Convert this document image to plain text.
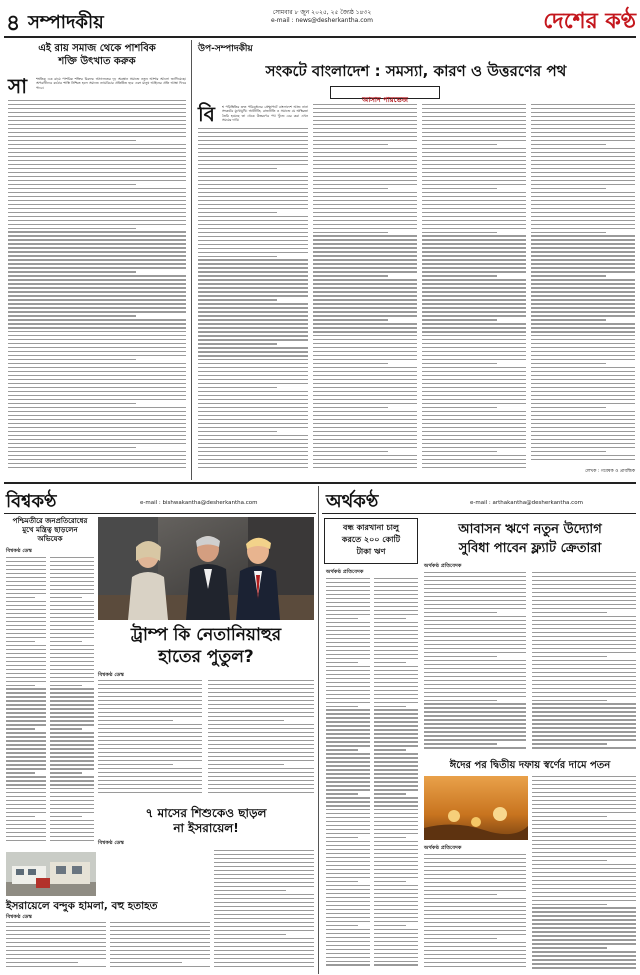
৪ সম্পাদকীয়	সোমবার ৮ জুন ২০২৫, ২৫ জ্যৈষ্ঠ ১৪৩২
e-mail : news@desherkantha.com	দেশের কণ্ঠ
এই রায় সমাজ থেকে পাশবিক
শক্তি উৎখাত করুক
সা	ম্প্রতিক এক রায়ে পাশবিক শক্তির বিরুদ্ধে আদালতের দৃঢ় অবস্থান সমাজে নতুন আশার আলো জাগিয়েছে। অপরাধীদের কঠোর শাস্তি নিশ্চিত হলে সমাজে ন্যায়বিচার প্রতিষ্ঠিত হবে এবং মানুষ আইনের প্রতি আস্থা ফিরে পাবে।
উপ-সম্পাদকীয়
সংকটে বাংলাদেশ : সমস্যা, কারণ ও উত্তরণের পথ
আসাদ পারভেজ
বি শ্ব পরিস্থিতির দ্রুত পরিবর্তনের প্রেক্ষাপটে বাংলাদেশ আজ নানা সংকটের মুখোমুখি। অর্থনীতি, রাজনীতি ও সমাজে যে অস্থিরতা তৈরি হয়েছে তা থেকে উত্তরণের পথ খুঁজে বের করা এখন সময়ের দাবি।
লেখক : গবেষক ও প্রাবন্ধিক
বিশ্বকণ্ঠ	e-mail : bishwakantha@desherkantha.com
পশ্চিমতীরে জনপ্রতিরোধের
মুখে মন্ত্রিত্ব ছাড়লেন
অভিযেক
বিশ্বকণ্ঠ ডেস্ক
ট্রাম্প কি নেতানিয়াহুর
হাতের পুতুল?
বিশ্বকণ্ঠ ডেস্ক
৭ মাসের শিশুকেও ছাড়ল
না ইসরায়েল!
বিশ্বকণ্ঠ ডেস্ক
ইসরায়েলে বন্দুক হামলা, বহু হতাহত
বিশ্বকণ্ঠ ডেস্ক
অর্থকণ্ঠ	e-mail : arthakantha@desherkantha.com
বন্ধ কারখানা চালু
করতে ২০০ কোটি
টাকা ঋণ
অর্থকণ্ঠ প্রতিবেদক
আবাসন ঋণে নতুন উদ্যোগ
সুবিধা পাবেন ফ্ল্যাট ক্রেতারা
অর্থকণ্ঠ প্রতিবেদক
ঈদের পর দ্বিতীয় দফায় স্বর্ণের দামে পতন
অর্থকণ্ঠ প্রতিবেদক
